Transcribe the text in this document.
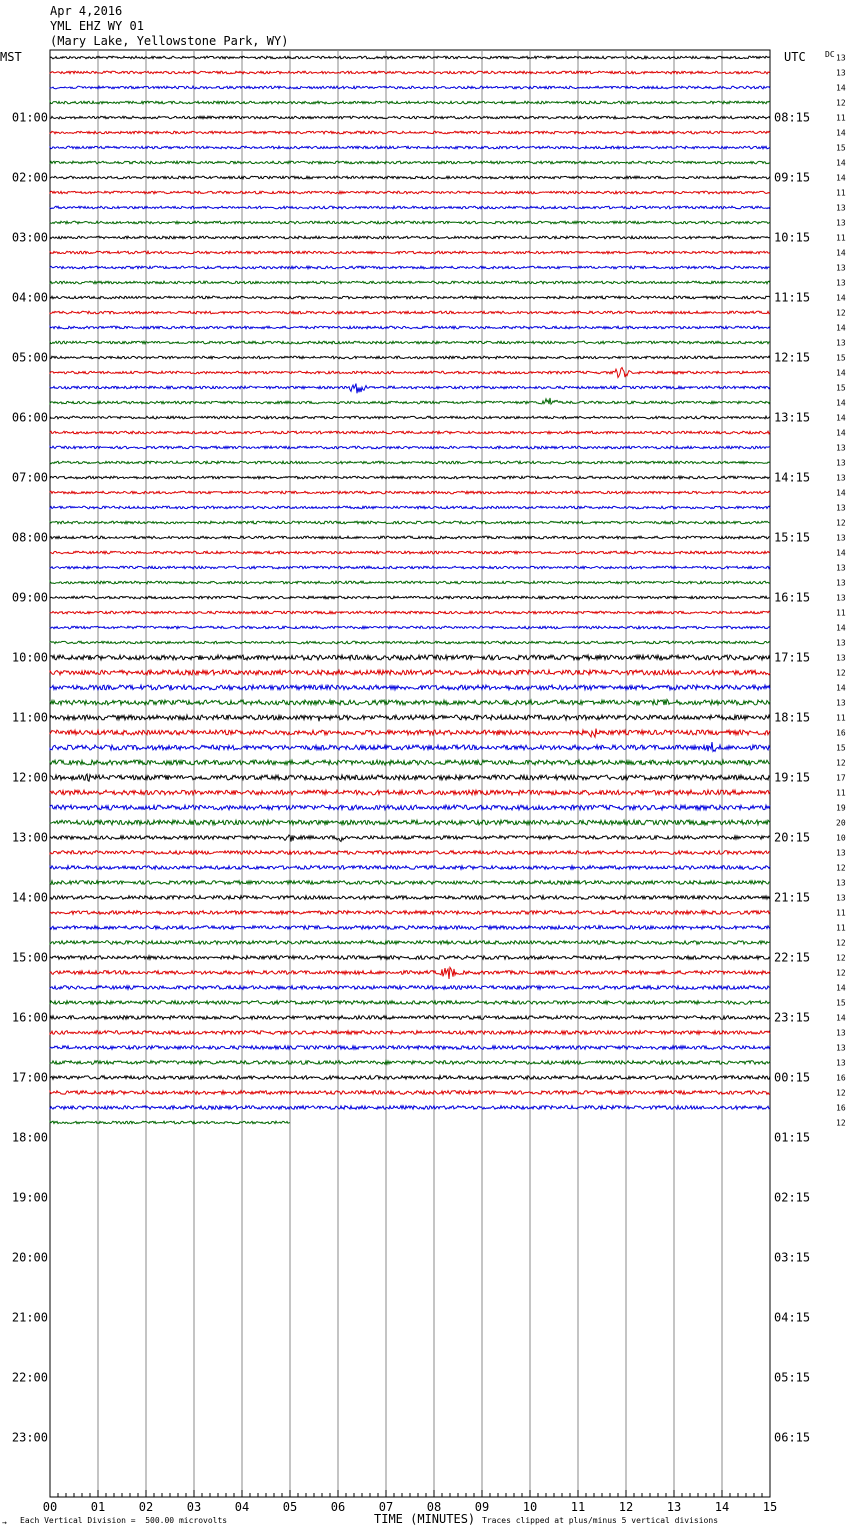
Apr 4,2016
YML EHZ WY 01
(Mary Lake, Yellowstone Park, WY)
MST	UTC DC
00	01	02	03	04	05	06	07	08	09	10	11	12	13	14	15
01:00
02:00
03:00
04:00
05:00
06:00
07:00
08:00
09:00
10:00
11:00
12:00
13:00
14:00
15:00
16:00
17:00
18:00
19:00
20:00
21:00
22:00
23:00
08:15
09:15
10:15
11:15
12:15
13:15
14:15
15:15
16:15
17:15
18:15
19:15
20:15
21:15
22:15
23:15
00:15
01:15
02:15
03:15
04:15
05:15
06:15
13
13
14
12
11
14
15
14
14
11
13
13
11
14
13
13
14
12
14
13
15
14
15
14
14
14
13
13
13
14
13
12
13
14
13
13
13
11
14
13
13
12
14
13
11
16
15
12
17
11
19
20
10
13
12
13
13
11
11
12
12
12
14
15
14
13
13
13
16
12
16
12
→ Each Vertical Division =  500.00 microvolts	TIME (MINUTES) Traces clipped at plus/minus 5 vertical divisions
